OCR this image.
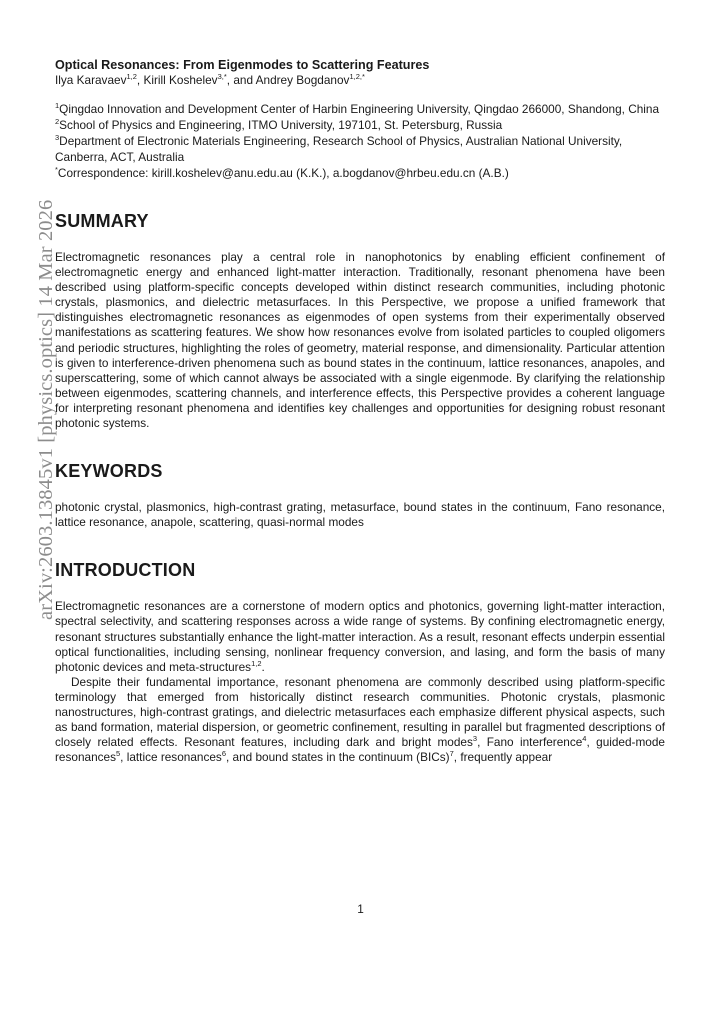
arXiv:2603.13845v1 [physics.optics] 14 Mar 2026

Optical Resonances: From Eigenmodes to Scattering Features

Ilya Karavaev$^{1,2}$, Kirill Koshelev$^{3,*}$, and Andrey Bogdanov$^{1,2,*}$

$^1$Qingdao Innovation and Development Center of Harbin Engineering University, Qingdao 266000, Shandong, China

$^2$School of Physics and Engineering, ITMO University, 197101, St. Petersburg, Russia

$^3$Department of Electronic Materials Engineering, Research School of Physics, Australian National University, Canberra, ACT, Australia

*Correspondence: kirill.koshelev@anu.edu.au (K.K.), a.bogdanov@hrbeu.edu.cn (A.B.)

SUMMARY

Electromagnetic resonances play a central role in nanophotonics by enabling efficient confinement of electromagnetic energy and enhanced light-matter interaction. Traditionally, resonant phenomena have been described using platform-specific concepts developed within distinct research communities, including photonic crystals, plasmonics, and dielectric metasurfaces. In this Perspective, we propose a unified framework that distinguishes electromagnetic resonances as eigenmodes of open systems from their experimentally observed manifestations as scattering features. We show how resonances evolve from isolated particles to coupled oligomers and periodic structures, highlighting the roles of geometry, material response, and dimensionality. Particular attention is given to interference-driven phenomena such as bound states in the continuum, lattice resonances, anapoles, and superscattering, some of which cannot always be associated with a single eigenmode. By clarifying the relationship between eigenmodes, scattering channels, and interference effects, this Perspective provides a coherent language for interpreting resonant phenomena and identifies key challenges and opportunities for designing robust resonant photonic systems.

KEYWORDS

photonic crystal, plasmonics, high-contrast grating, metasurface, bound states in the continuum, Fano resonance, lattice resonance, anapole, scattering, quasi-normal modes

INTRODUCTION

Electromagnetic resonances are a cornerstone of modern optics and photonics, governing light-matter interaction, spectral selectivity, and scattering responses across a wide range of systems. By confining electromagnetic energy, resonant structures substantially enhance the light-matter interaction. As a result, resonant effects underpin essential optical functionalities, including sensing, nonlinear frequency conversion, and lasing, and form the basis of many photonic devices and meta-structures$^{1,2}$.

Despite their fundamental importance, resonant phenomena are commonly described using platform-specific terminology that emerged from historically distinct research communities. Photonic crystals, plasmonic nanostructures, high-contrast gratings, and dielectric metasurfaces each emphasize different physical aspects, such as band formation, material dispersion, or geometric confinement, resulting in parallel but fragmented descriptions of closely related effects. Resonant features, including dark and bright modes$^3$, Fano interference$^4$, guided-mode resonances$^5$, lattice resonances$^6$, and bound states in the continuum (BICs)$^7$, frequently appear

1
